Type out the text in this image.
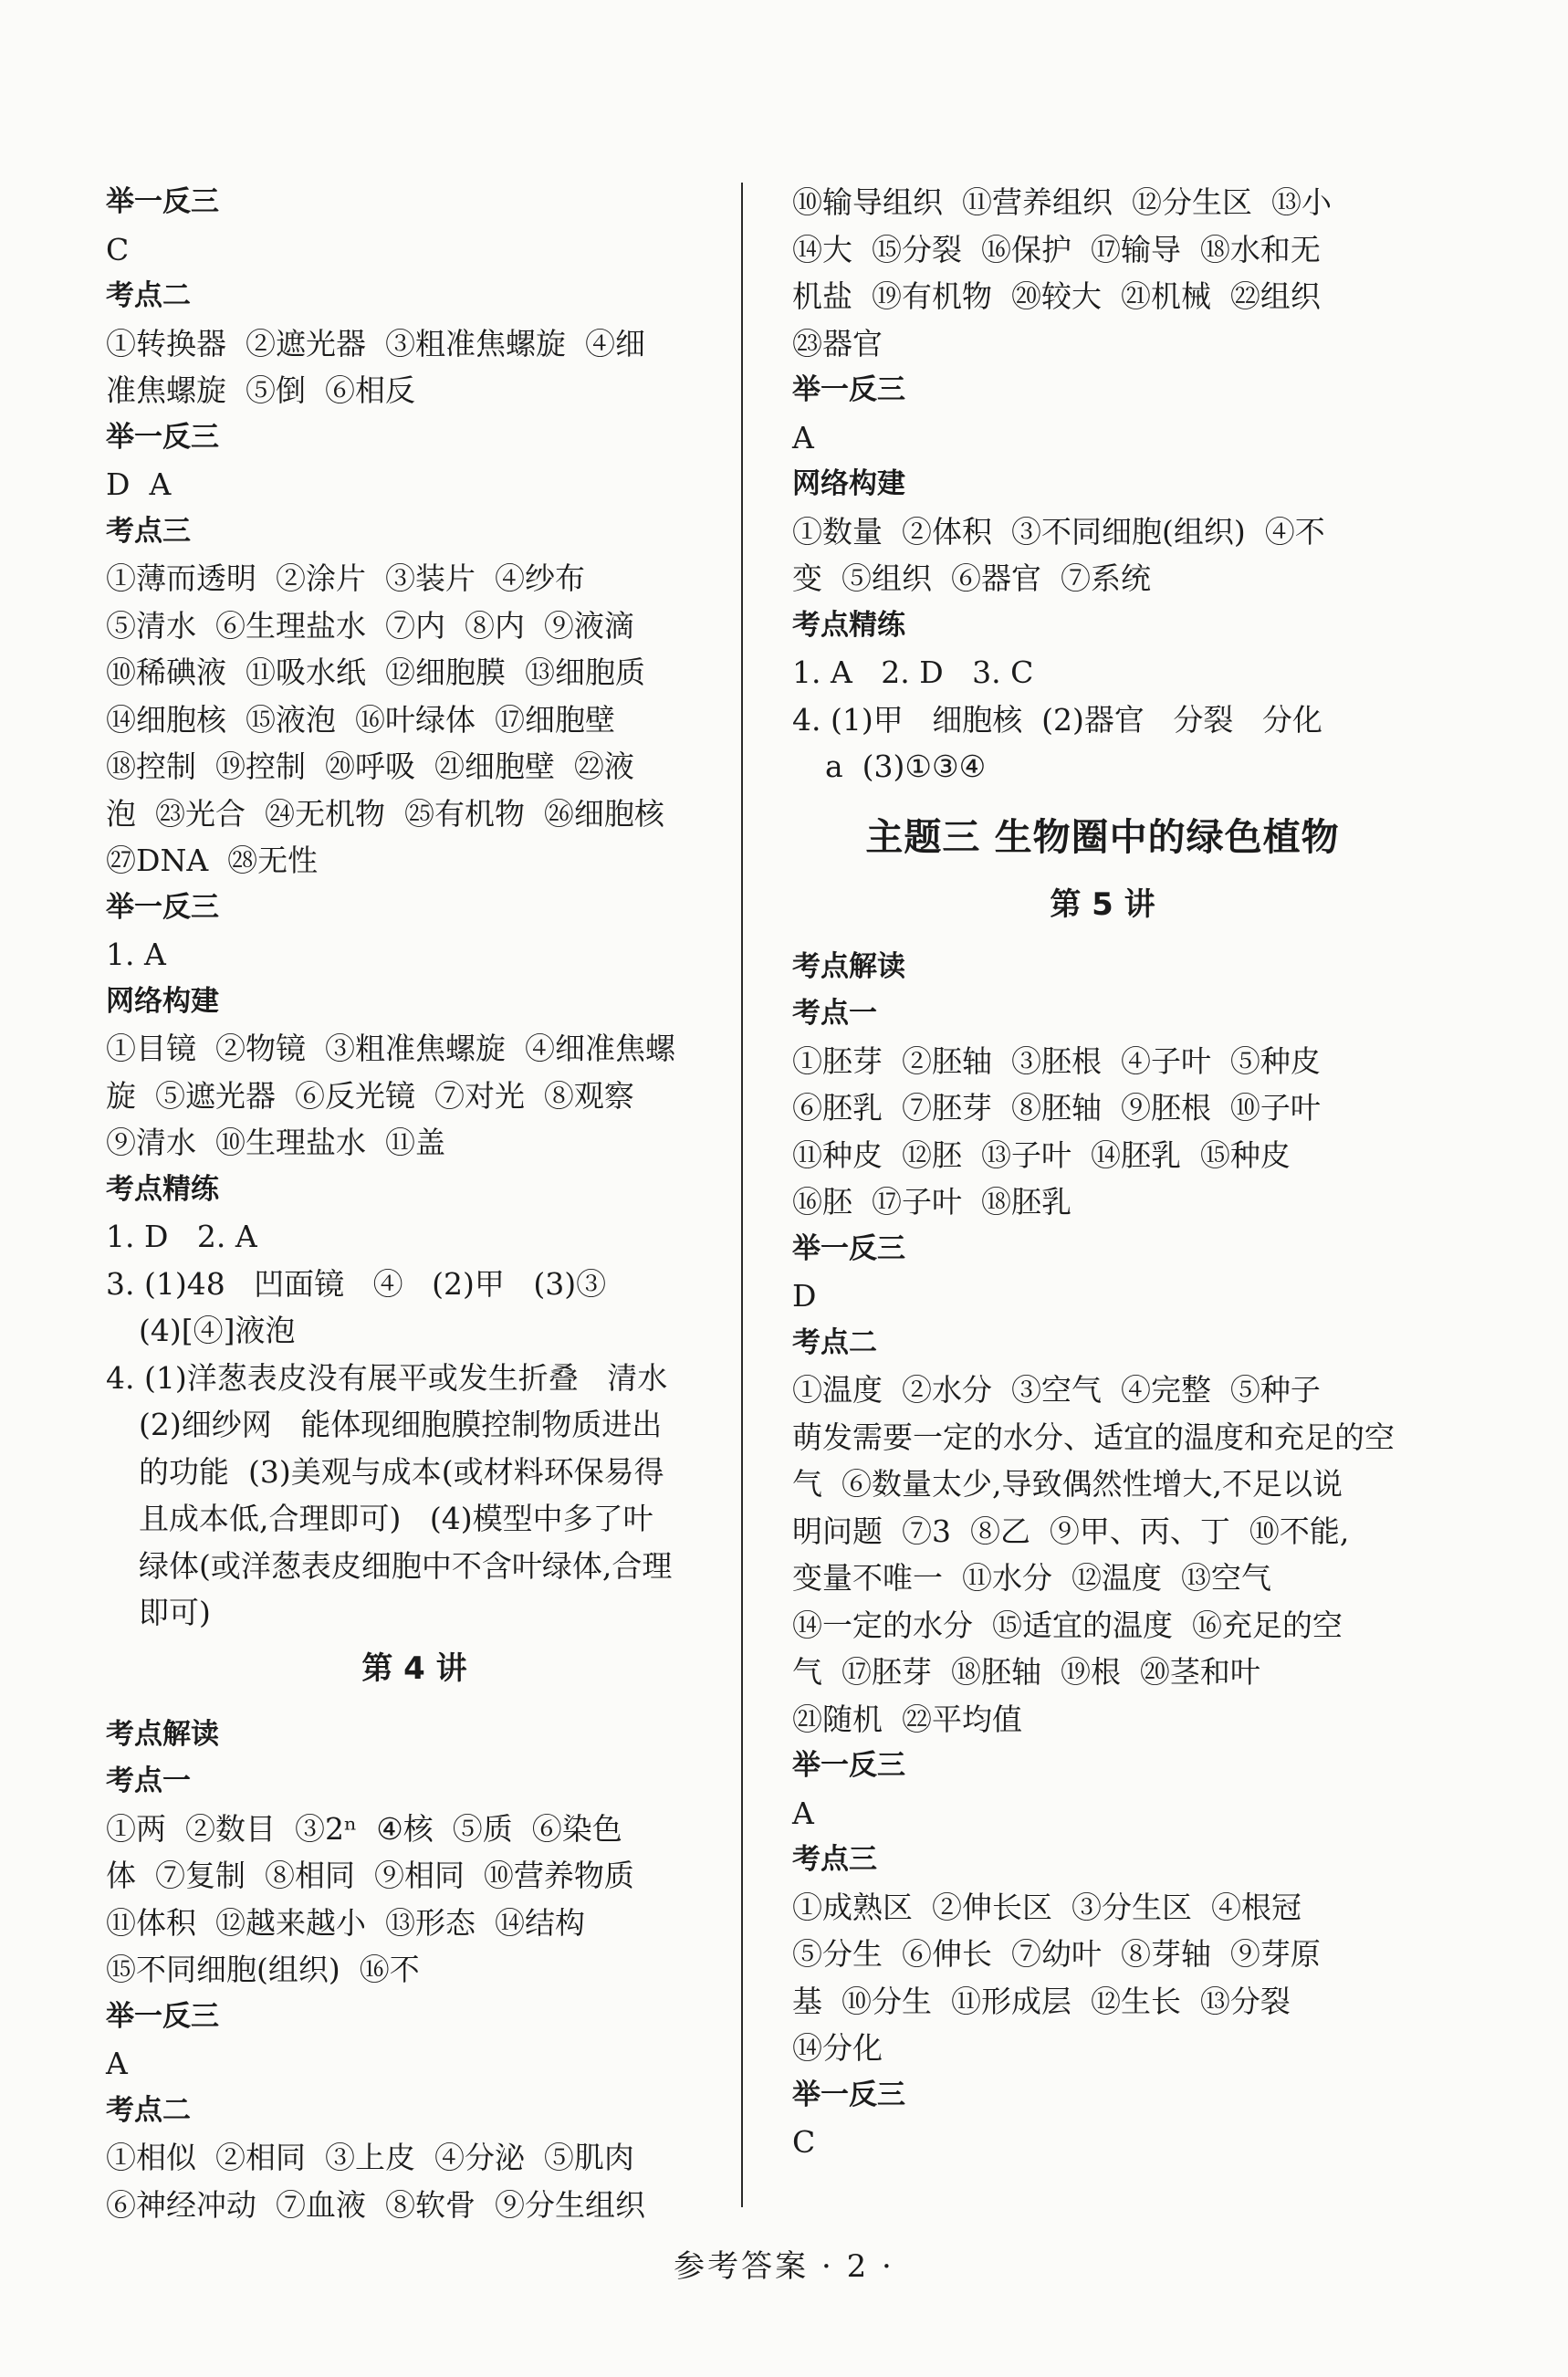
举一反三
C
考点二
①转换器  ②遮光器  ③粗准焦螺旋  ④细
准焦螺旋  ⑤倒  ⑥相反
举一反三
D  A
考点三
①薄而透明  ②涂片  ③装片  ④纱布
⑤清水  ⑥生理盐水  ⑦内  ⑧内  ⑨液滴
⑩稀碘液  ⑪吸水纸  ⑫细胞膜  ⑬细胞质
⑭细胞核  ⑮液泡  ⑯叶绿体  ⑰细胞壁
⑱控制  ⑲控制  ⑳呼吸  ㉑细胞壁  ㉒液
泡  ㉓光合  ㉔无机物  ㉕有机物  ㉖细胞核
㉗DNA  ㉘无性
举一反三
1. A
网络构建
①目镜  ②物镜  ③粗准焦螺旋  ④细准焦螺
旋  ⑤遮光器  ⑥反光镜  ⑦对光  ⑧观察
⑨清水  ⑩生理盐水  ⑪盖
考点精练
1. D   2. A
3. (1)48   凹面镜   ④   (2)甲   (3)③
(4)[④]液泡
4. (1)洋葱表皮没有展平或发生折叠   清水
(2)细纱网   能体现细胞膜控制物质进出
的功能  (3)美观与成本(或材料环保易得
且成本低,合理即可)   (4)模型中多了叶
绿体(或洋葱表皮细胞中不含叶绿体,合理
即可)
第 4 讲
考点解读
考点一
①两  ②数目  ③2ⁿ  ④核  ⑤质  ⑥染色
体  ⑦复制  ⑧相同  ⑨相同  ⑩营养物质
⑪体积  ⑫越来越小  ⑬形态  ⑭结构
⑮不同细胞(组织)  ⑯不
举一反三
A
考点二
①相似  ②相同  ③上皮  ④分泌  ⑤肌肉
⑥神经冲动  ⑦血液  ⑧软骨  ⑨分生组织
⑩输导组织  ⑪营养组织  ⑫分生区  ⑬小
⑭大  ⑮分裂  ⑯保护  ⑰输导  ⑱水和无
机盐  ⑲有机物  ⑳较大  ㉑机械  ㉒组织
㉓器官
举一反三
A
网络构建
①数量  ②体积  ③不同细胞(组织)  ④不
变  ⑤组织  ⑥器官  ⑦系统
考点精练
1. A   2. D   3. C
4. (1)甲   细胞核  (2)器官   分裂   分化
a  (3)①③④
主题三 生物圈中的绿色植物
第 5 讲
考点解读
考点一
①胚芽  ②胚轴  ③胚根  ④子叶  ⑤种皮
⑥胚乳  ⑦胚芽  ⑧胚轴  ⑨胚根  ⑩子叶
⑪种皮  ⑫胚  ⑬子叶  ⑭胚乳  ⑮种皮
⑯胚  ⑰子叶  ⑱胚乳
举一反三
D
考点二
①温度  ②水分  ③空气  ④完整  ⑤种子
萌发需要一定的水分、适宜的温度和充足的空
气  ⑥数量太少,导致偶然性增大,不足以说
明问题  ⑦3  ⑧乙  ⑨甲、丙、丁  ⑩不能,
变量不唯一  ⑪水分  ⑫温度  ⑬空气
⑭一定的水分  ⑮适宜的温度  ⑯充足的空
气  ⑰胚芽  ⑱胚轴  ⑲根  ⑳茎和叶
㉑随机  ㉒平均值
举一反三
A
考点三
①成熟区  ②伸长区  ③分生区  ④根冠
⑤分生  ⑥伸长  ⑦幼叶  ⑧芽轴  ⑨芽原
基  ⑩分生  ⑪形成层  ⑫生长  ⑬分裂
⑭分化
举一反三
C
参考答案 · 2 ·
